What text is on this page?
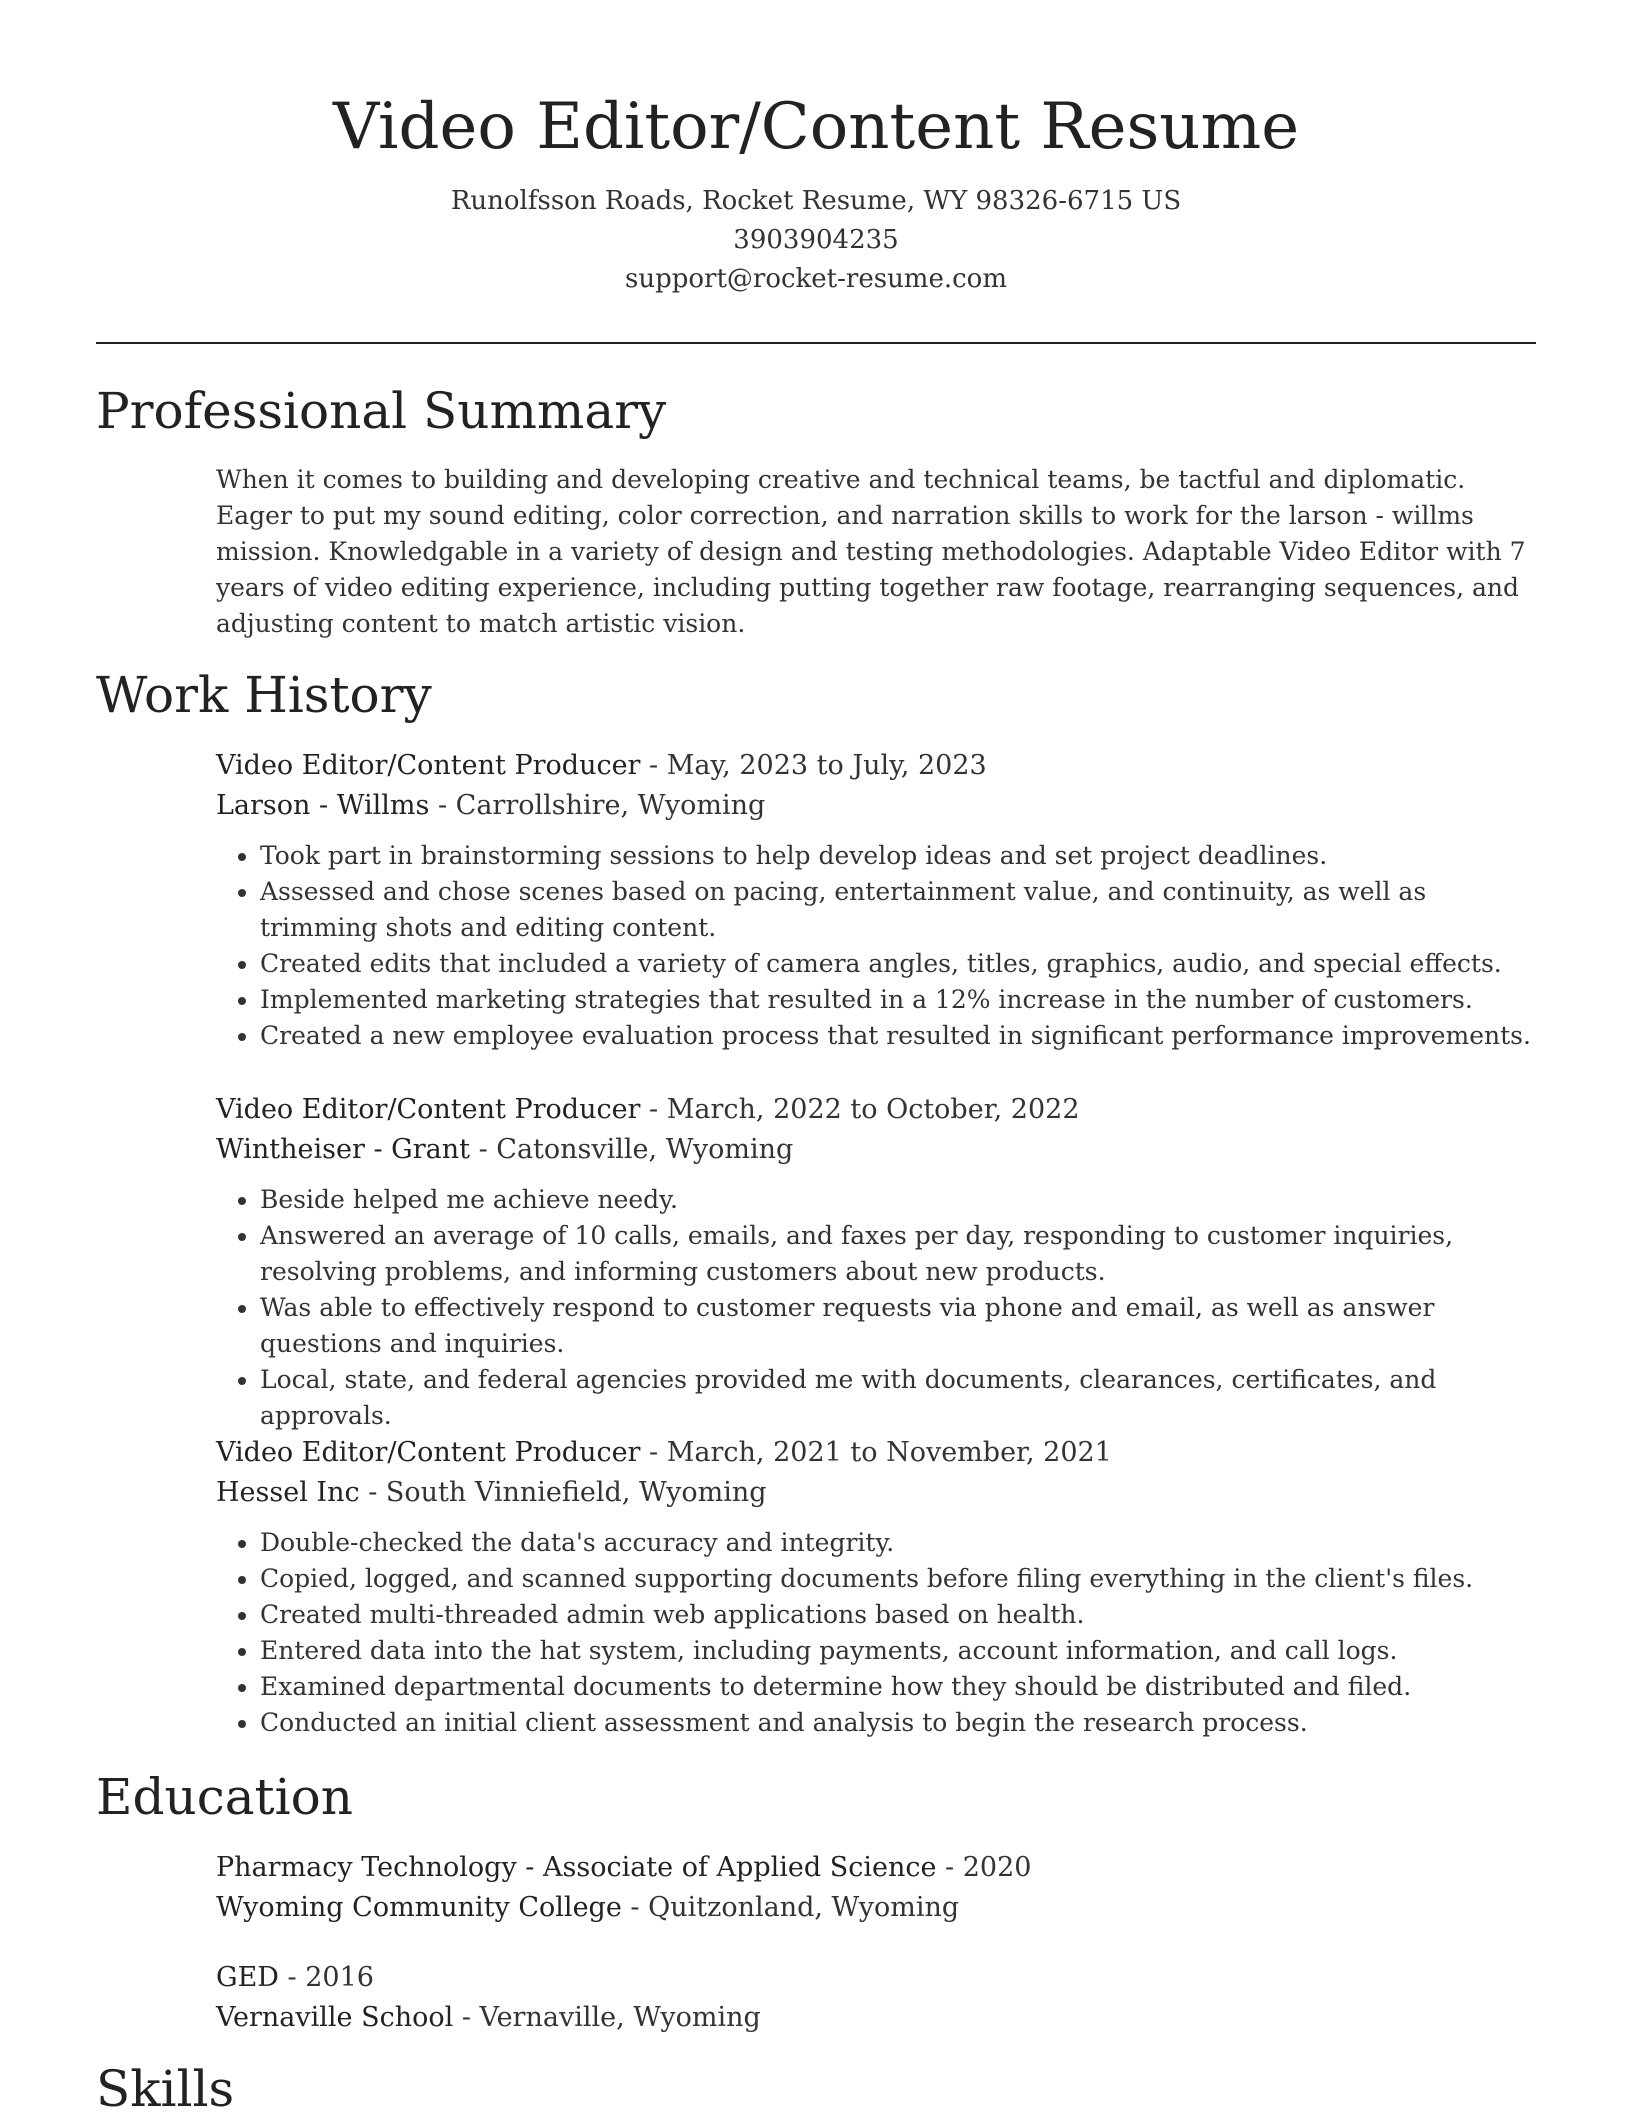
Video Editor/Content Resume
Runolfsson Roads, Rocket Resume, WY 98326-6715 US
3903904235
support@rocket-resume.com
Professional Summary
When it comes to building and developing creative and technical teams, be tactful and diplomatic. Eager to put my sound editing, color correction, and narration skills to work for the larson - willms mission. Knowledgable in a variety of design and testing methodologies. Adaptable Video Editor with 7 years of video editing experience, including putting together raw footage, rearranging sequences, and adjusting content to match artistic vision.
Work History
Video Editor/Content Producer - May, 2023 to July, 2023
Larson - Willms - Carrollshire, Wyoming
• Took part in brainstorming sessions to help develop ideas and set project deadlines.
• Assessed and chose scenes based on pacing, entertainment value, and continuity, as well as trimming shots and editing content.
• Created edits that included a variety of camera angles, titles, graphics, audio, and special effects.
• Implemented marketing strategies that resulted in a 12% increase in the number of customers.
• Created a new employee evaluation process that resulted in significant performance improvements.
Video Editor/Content Producer - March, 2022 to October, 2022
Wintheiser - Grant - Catonsville, Wyoming
• Beside helped me achieve needy.
• Answered an average of 10 calls, emails, and faxes per day, responding to customer inquiries, resolving problems, and informing customers about new products.
• Was able to effectively respond to customer requests via phone and email, as well as answer questions and inquiries.
• Local, state, and federal agencies provided me with documents, clearances, certificates, and approvals.
Video Editor/Content Producer - March, 2021 to November, 2021
Hessel Inc - South Vinniefield, Wyoming
• Double-checked the data's accuracy and integrity.
• Copied, logged, and scanned supporting documents before filing everything in the client's files.
• Created multi-threaded admin web applications based on health.
• Entered data into the hat system, including payments, account information, and call logs.
• Examined departmental documents to determine how they should be distributed and filed.
• Conducted an initial client assessment and analysis to begin the research process.
Education
Pharmacy Technology - Associate of Applied Science - 2020
Wyoming Community College - Quitzonland, Wyoming
GED - 2016
Vernaville School - Vernaville, Wyoming
Skills
